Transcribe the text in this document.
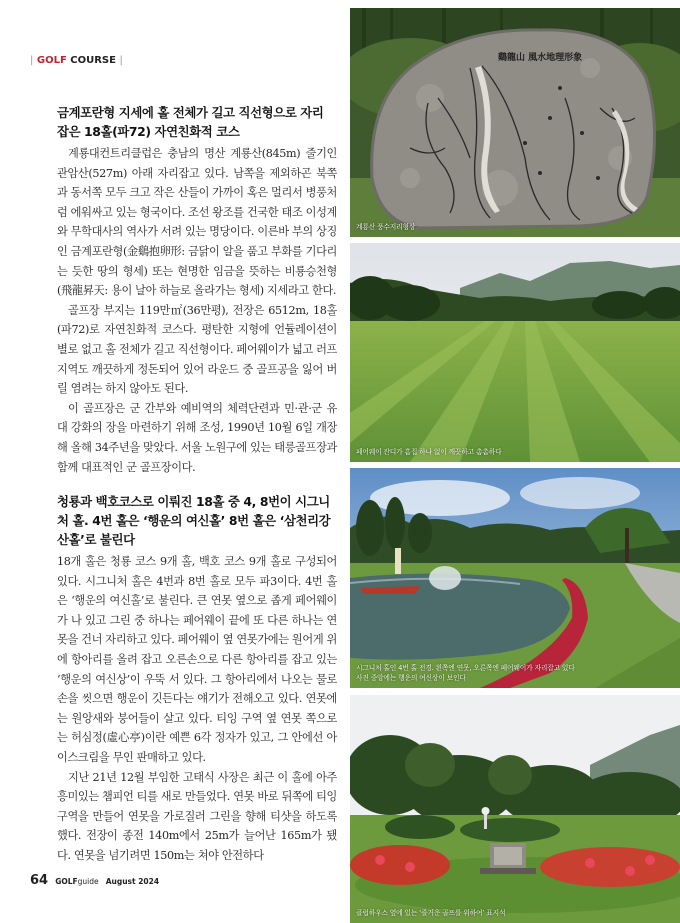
| GOLF COURSE |

금계포란형 지세에 홀 전체가 길고 직선형으로 자리 잡은 18홀(파72) 자연친화적 코스

계룡대컨트리클럽은 충남의 명산 계룡산(845m) 줄기인 관암산(527m) 아래 자리잡고 있다. 남쪽을 제외하곤 북쪽과 동서쪽 모두 크고 작은 산들이 가까이 혹은 멀리서 병풍처럼 에워싸고 있는 형국이다. 조선 왕조를 건국한 태조 이성계와 무학대사의 역사가 서려 있는 명당이다. 이른바 부의 상징인 금계포란형(金鷄抱卵形: 금닭이 알을 품고 부화를 기다리는 듯한 땅의 형세) 또는 현명한 임금을 뜻하는 비룡승천형(飛龍昇天: 용이 날아 하늘로 올라가는 형세) 지세라고 한다.

골프장 부지는 119만㎡(36만평), 전장은 6512m, 18홀(파72)로 자연친화적 코스다. 평탄한 지형에 언듈레이션이 별로 없고 홀 전체가 길고 직선형이다. 페어웨이가 넓고 러프 지역도 깨끗하게 정돈되어 있어 라운드 중 골프공을 잃어 버릴 염려는 하지 않아도 된다.

이 골프장은 군 간부와 예비역의 체력단련과 민·관·군 유대 강화의 장을 마련하기 위해 조성, 1990년 10월 6일 개장해 올해 34주년을 맞았다. 서울 노원구에 있는 태릉골프장과 함께 대표적인 군 골프장이다.

청룡과 백호코스로 이뤄진 18홀 중 4, 8번이 시그니처 홀. 4번 홀은 ‘행운의 여신홀’ 8번 홀은 ‘삼천리강산홀’로 불린다

18개 홀은 청룡 코스 9개 홀, 백호 코스 9개 홀로 구성되어 있다. 시그니처 홀은 4번과 8번 홀로 모두 파3이다. 4번 홀은 ‘행운의 여신홀’로 불린다. 큰 연못 옆으로 좁게 페어웨이가 나 있고 그린 중 하나는 페어웨이 끝에 또 다른 하나는 연못을 건너 자리하고 있다. 페어웨이 옆 연못가에는 원어게 위에 항아리를 올려 잡고 오른손으로 다른 항아리를 잡고 있는 ‘행운의 여신상’이 우뚝 서 있다. 그 항아리에서 나오는 물로 손을 씻으면 행운이 깃든다는 얘기가 전해오고 있다. 연못에는 원앙새와 붕어들이 살고 있다. 티잉 구역 옆 연못 쪽으로는 허심정(虛心亭)이란 예쁜 6각 정자가 있고, 그 안에선 아이스크림을 무인 판매하고 있다.

지난 21년 12월 부임한 고태식 사장은 최근 이 홀에 아주 흥미있는 챔피언 티를 새로 만들었다. 연못 바로 뒤쪽에 티잉 구역을 만들어 연못을 가로질러 그린을 향해 티샷을 하도록 했다. 전장이 종전 140m에서 25m가 늘어난 165m가 됐다. 연못을 넘기려면 150m는 쳐야 안전하다

64 GOLFguide August 2024
鷄龍山 風水地理形象
계룡산 풍수지리형상
페어웨이 잔디가 흠집 하나 없이 깨끗하고 촘촘하다
시그니처 홀인 4번 홀 전경. 왼쪽엔 연못, 오른쪽엔 페어웨이가 자리잡고 있다
사진 중앙에는 행운의 여신상이 보인다
클럽하우스 옆에 있는 ‘즐거운 골프를 위하여’ 표지석
